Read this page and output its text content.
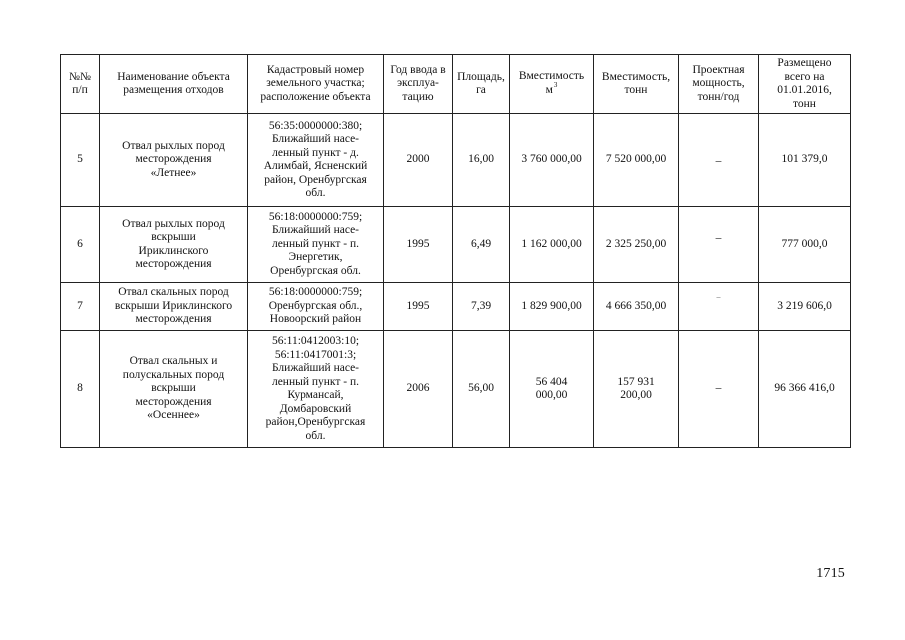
№№ п/п	Наименование объекта размещения отходов	Кадастровый номер земельного участка; расположение объекта	Год ввода в эксплуа-тацию	Площадь, га	Вместимость $м^3$	Вместимость, тонн	Проектная мощность, тонн/год	Размещено всего на 01.01.2016, тонн
5	Отвал рыхлых пород месторождения «Летнее»	56:35:0000000:380; Ближайший насе-ленный пункт - д. Алимбай, Ясненский район, Оренбургская обл.	2000	16,00	3 760 000,00	7 520 000,00	–	101 379,0
6	Отвал рыхлых пород вскрыши Ириклинского месторождения	56:18:0000000:759; Ближайший насе-ленный пункт - п. Энергетик, Оренбургская обл.	1995	6,49	1 162 000,00	2 325 250,00	–	777 000,0
7	Отвал скальных пород вскрыши Ириклинского месторождения	56:18:0000000:759; Оренбургская обл., Новоорский район	1995	7,39	1 829 900,00	4 666 350,00	–	3 219 606,0
8	Отвал скальных и полускальных пород вскрыши месторождения «Осеннее»	56:11:0412003:10; 56:11:0417001:3; Ближайший насе-ленный пункт - п. Курмансай, Домбаровский район,Оренбургская обл.	2006	56,00	56 404 000,00	157 931 200,00	–	96 366 416,0
1715
